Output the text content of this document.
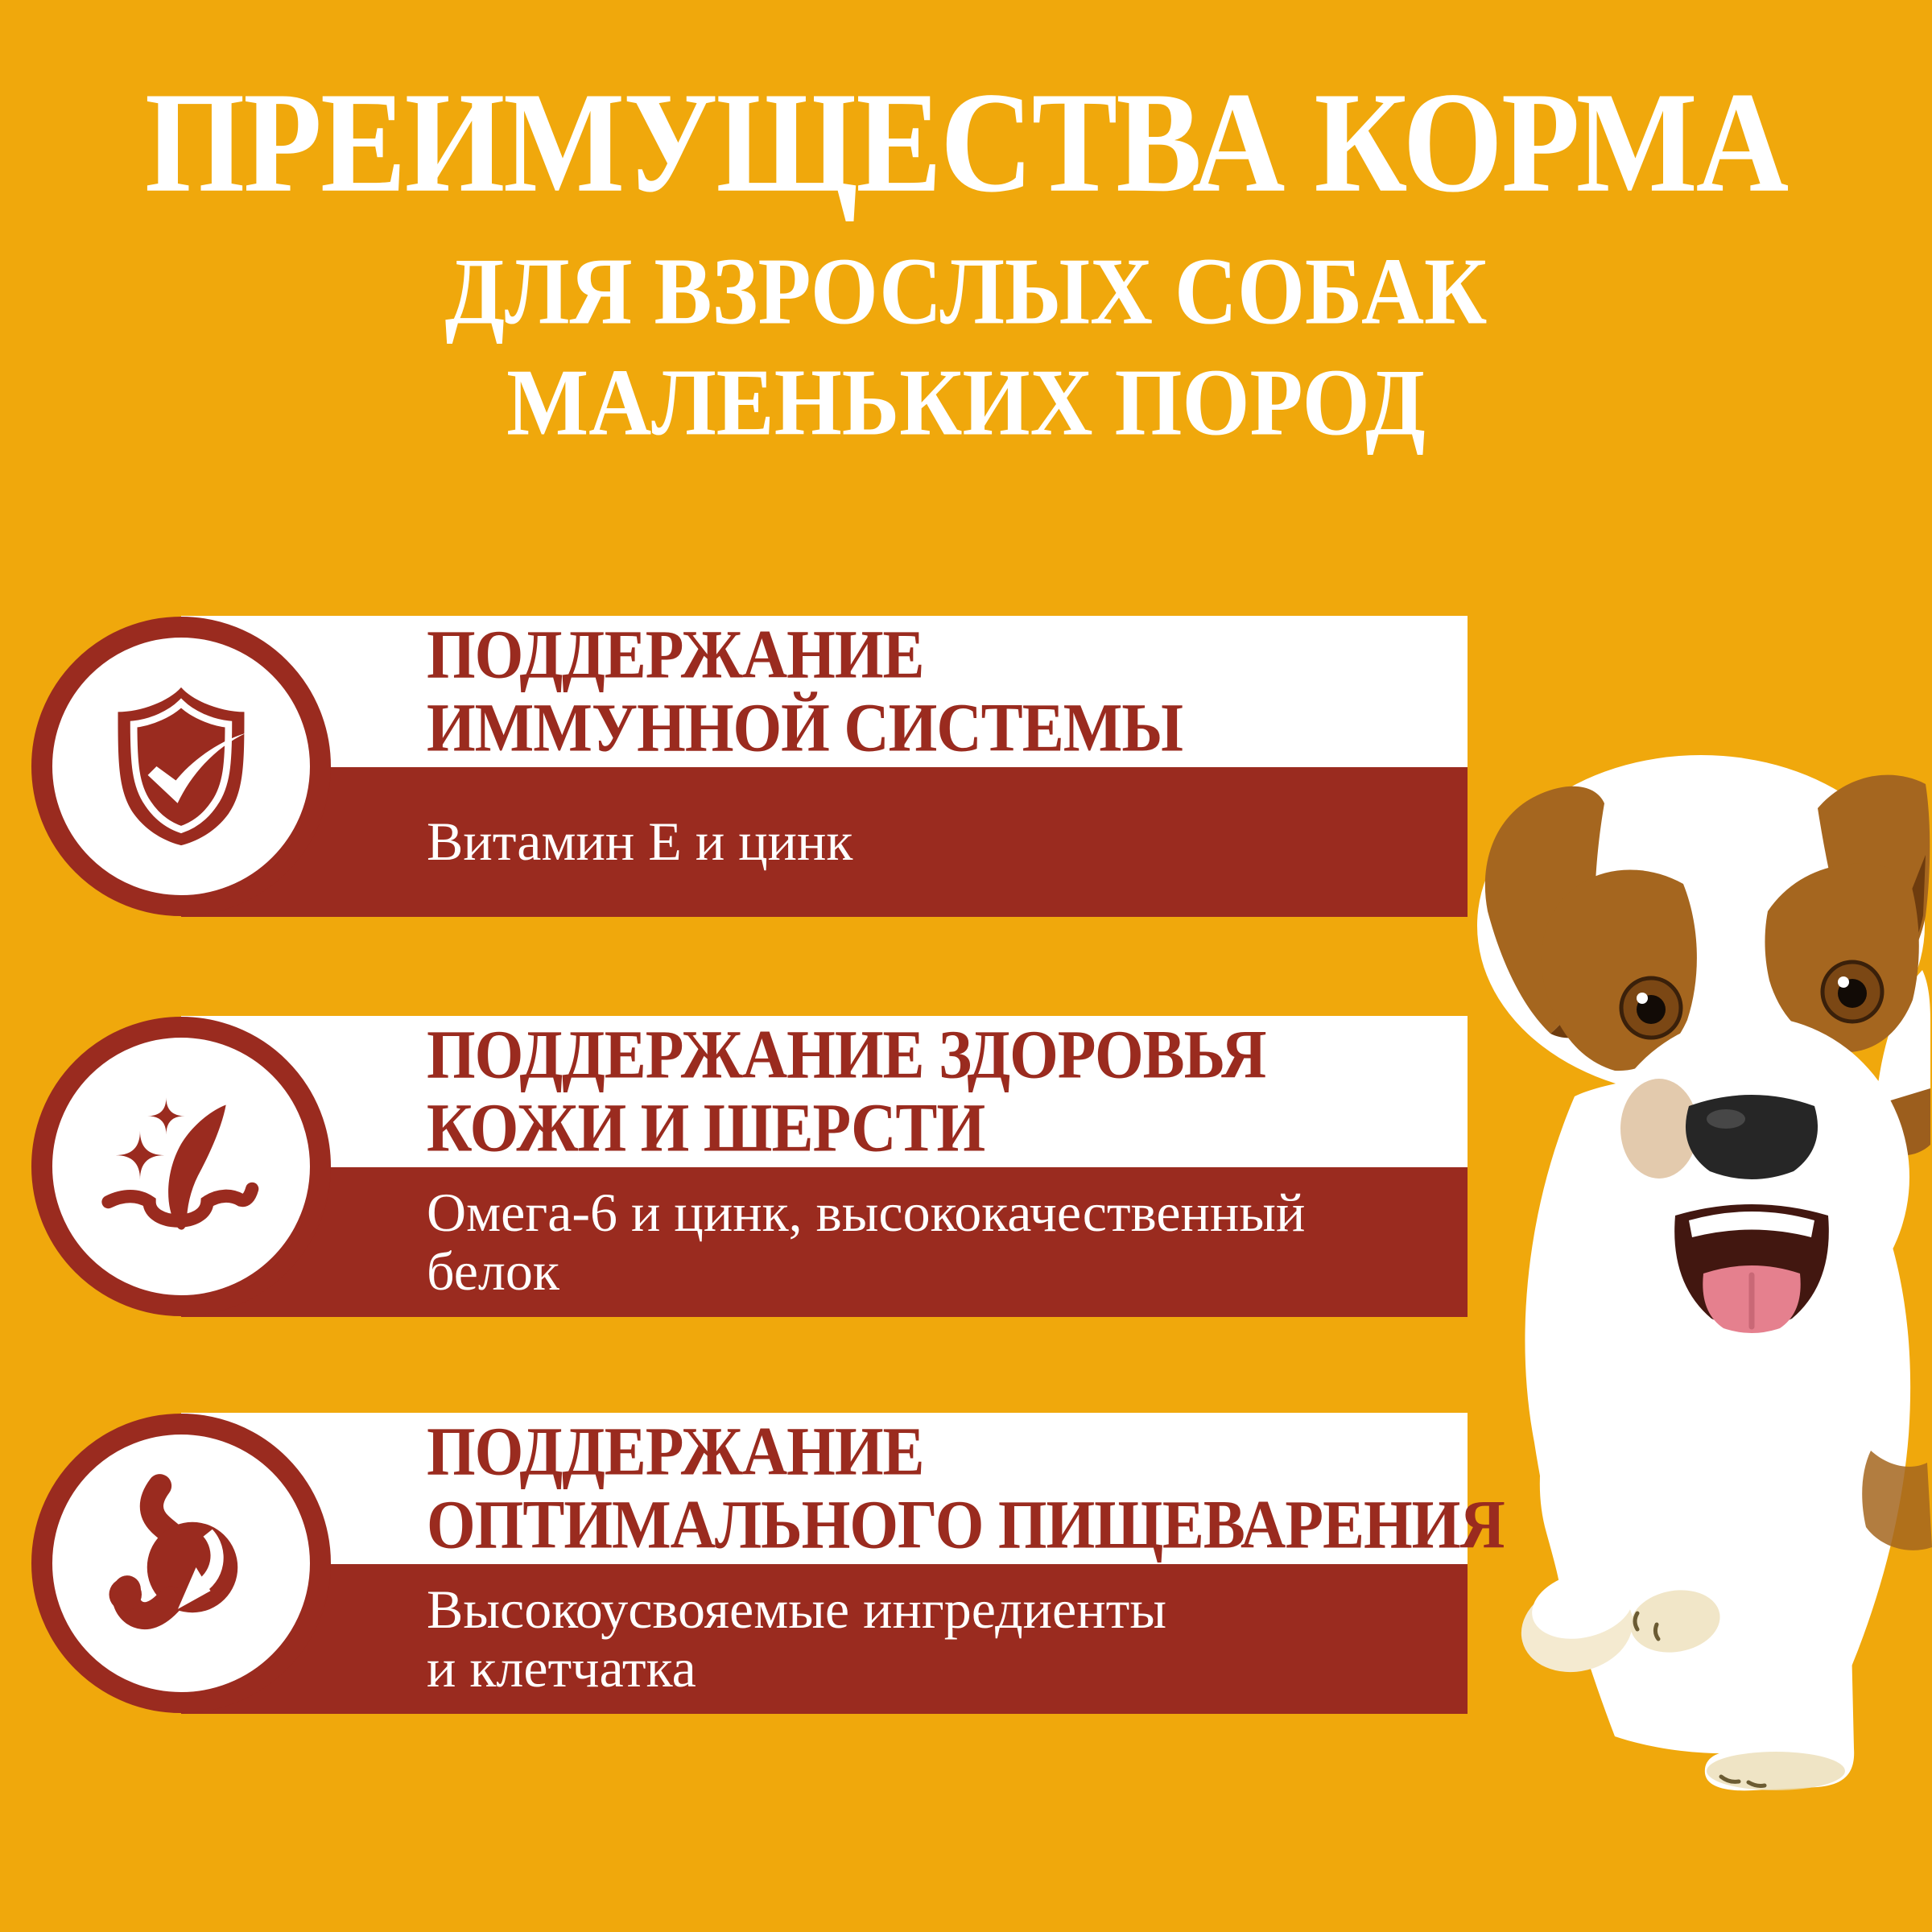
ПРЕИМУЩЕСТВА КОРМА
ДЛЯ ВЗРОСЛЫХ СОБАК
МАЛЕНЬКИХ ПОРОД
ПОДДЕРЖАНИЕ
ИММУННОЙ СИСТЕМЫ
Витамин Е и цинк
ПОДДЕРЖАНИЕ ЗДОРОВЬЯ
КОЖИ И ШЕРСТИ
Омега-6 и цинк, высококачественный
белок
ПОДДЕРЖАНИЕ
ОПТИМАЛЬНОГО ПИЩЕВАРЕНИЯ
Высокоусвояемые ингредиенты
и клетчатка
